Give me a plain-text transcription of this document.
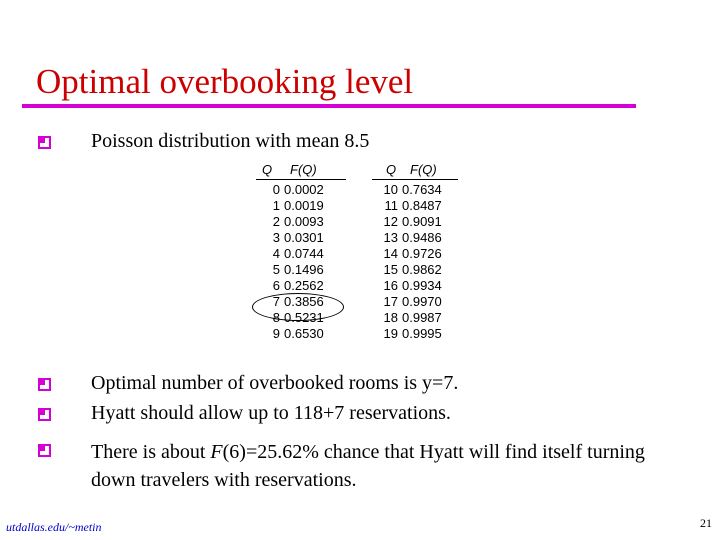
Optimal overbooking level
Poisson distribution with mean 8.5
Q F(Q)	Q F(Q)
0
1
2
3
4
5
6
7
8
9
0.0002
0.0019
0.0093
0.0301
0.0744
0.1496
0.2562
0.3856
0.5231
0.6530
10
11
12
13
14
15
16
17
18
19
0.7634
0.8487
0.9091
0.9486
0.9726
0.9862
0.9934
0.9970
0.9987
0.9995
Optimal number of overbooked rooms is y=7.
Hyatt should allow up to 118+7 reservations.
There is about F(6)=25.62% chance that Hyatt will find itself turning down travelers with reservations.
utdallas.edu/~metin	21
